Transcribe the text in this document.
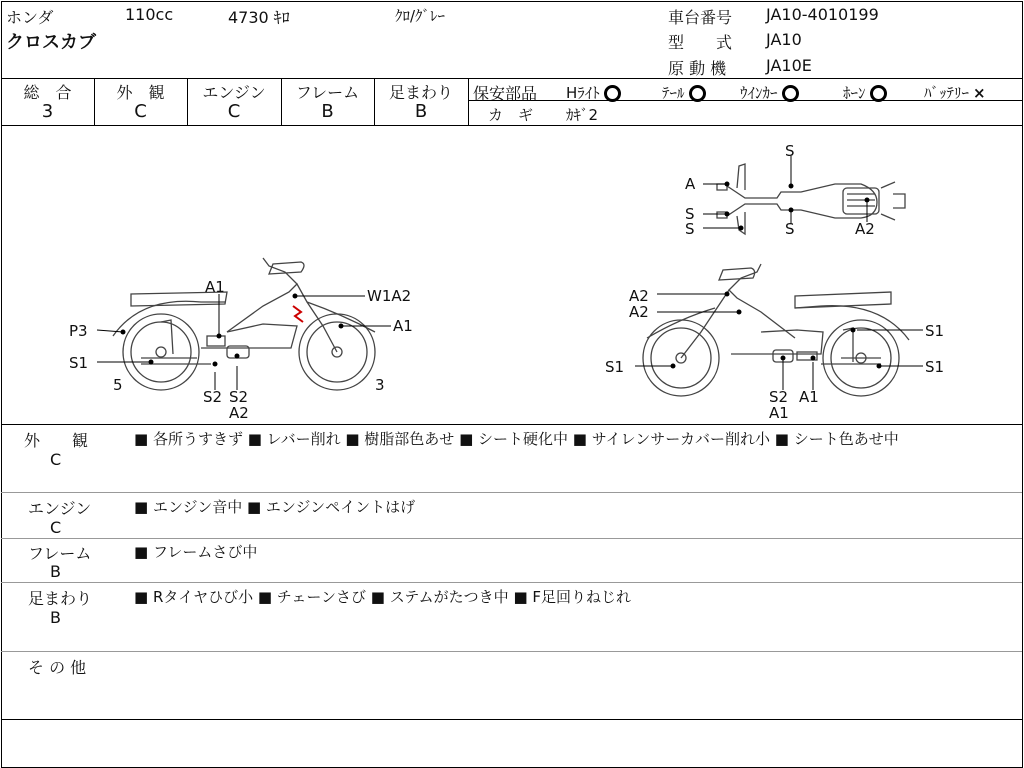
ホンダ	110cc	4730 ｷﾛ	ｸﾛ/ｸﾞﾚｰ
クロスカブ
車台番号 JA10-4010199
型　　式 JA10
原 動 機 JA10E
総　合
3
外　観
C
エンジン
C
フレーム
B
足まわり
B
保安部品 Hﾗｲﾄ	ﾃｰﾙ	ｳｲﾝｶｰ	ﾎｰﾝ	ﾊﾞｯﾃﾘｰ ×
カ　ギ ｶｷﾞ2
A1	W1A2
A1
P3
S1
5
S2 S2
A2
3
A2
A2
S1
S1	S1
S2 A1
A1
S
A
S
S	S	A2
外　　観
C
■ 各所うすきず ■ レバー削れ ■ 樹脂部色あせ ■ シート硬化中 ■ サイレンサーカバー削れ小 ■ シート色あせ中
エンジン
C
■ エンジン音中 ■ エンジンペイントはげ
フレーム
B
■ フレームさび中
足まわり
B
■ Rタイヤひび小 ■ チェーンさび ■ ステムがたつき中 ■ F足回りねじれ
そ の 他
